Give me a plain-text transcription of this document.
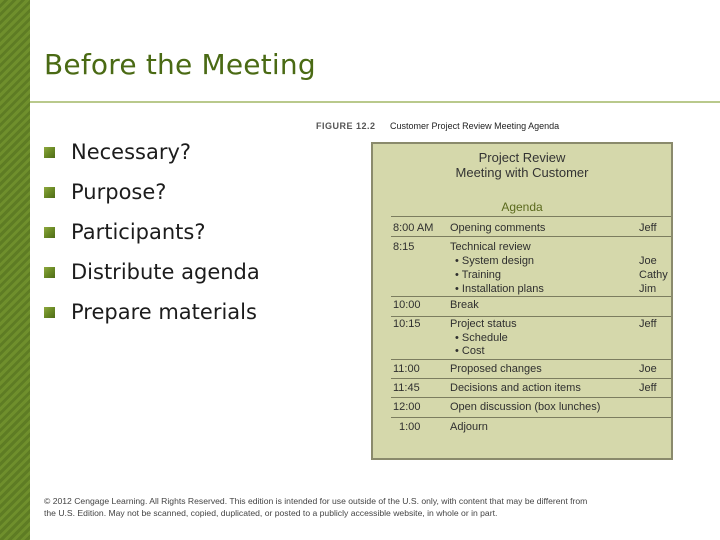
Before the Meeting
Necessary?
Purpose?
Participants?
Distribute agenda
Prepare materials
FIGURE 12.2 Customer Project Review Meeting Agenda
Project Review
Meeting with Customer
Agenda
8:00 AM Opening comments	Jeff
8:15	Technical review
• System design	Joe
• Training	Cathy
• Installation plans	Jim
10:00	Break
10:15	Project status	Jeff
• Schedule
• Cost
11:00	Proposed changes	Joe
11:45	Decisions and action items	Jeff
12:00	Open discussion (box lunches)
1:00	Adjourn
© 2012 Cengage Learning. All Rights Reserved. This edition is intended for use outside of the U.S. only, with content that may be different from
the U.S. Edition. May not be scanned, copied, duplicated, or posted to a publicly accessible website, in whole or in part.
